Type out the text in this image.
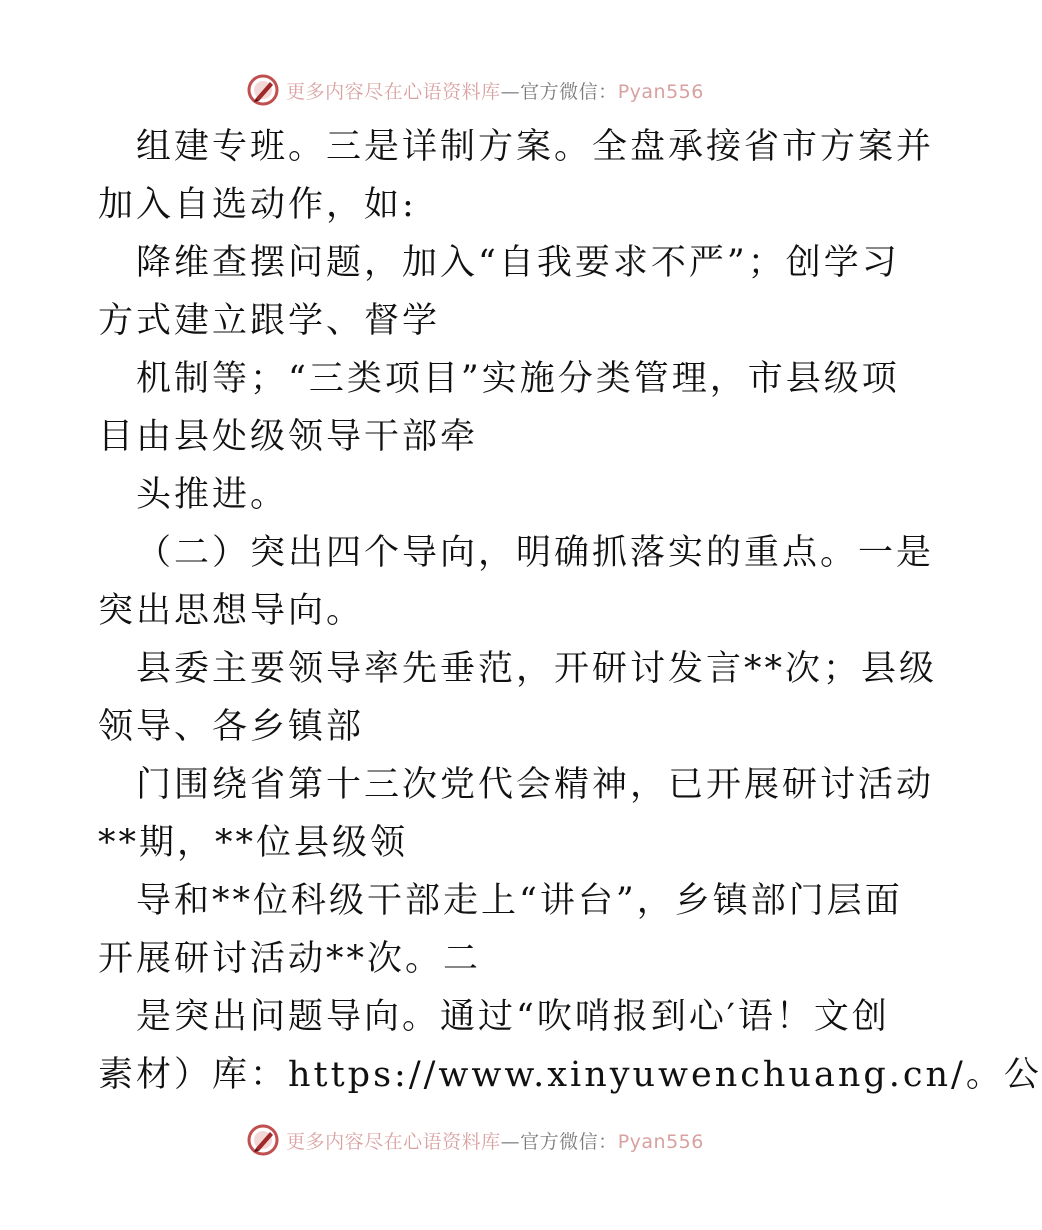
更多内容尽在心语资料库—官方微信：Pyan556
组建专班。三是详制方案。全盘承接省市方案并
加入自选动作，如:
降维查摆问题，加入“自我要求不严”；创学习
方式建立跟学、督学
机制等；“三类项目”实施分类管理，市县级项
目由县处级领导干部牵
头推进。
（二）突出四个导向，明确抓落实的重点。一是
突出思想导向。
县委主要领导率先垂范，开研讨发言**次；县级
领导、各乡镇部
门围绕省第十三次党代会精神，已开展研讨活动
**期，**位县级领
导和**位科级干部走上“讲台”，乡镇部门层面
开展研讨活动**次。二
是突出问题导向。通过“吹哨报到心′语！文创
素材）库：https://www.xinyuwenchuang.cn/。公
更多内容尽在心语资料库—官方微信：Pyan556
